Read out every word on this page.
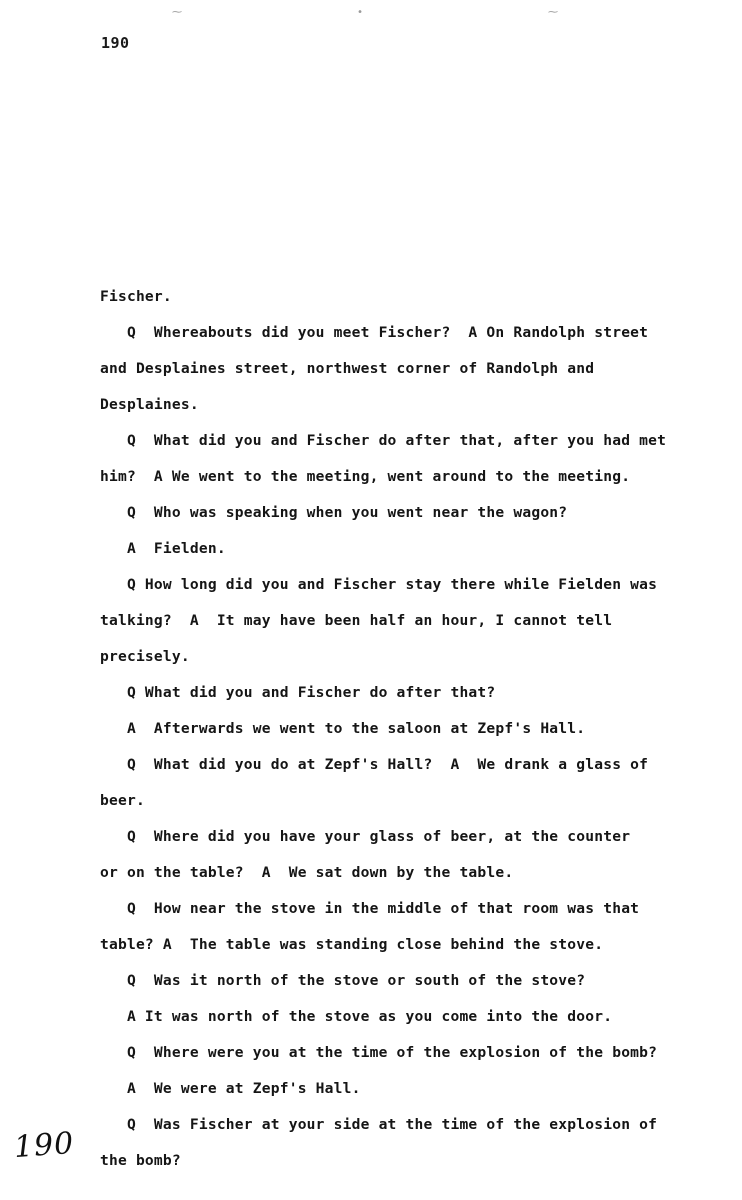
⁓	•	⁓
190
Fischer.
Q  Whereabouts did you meet Fischer?  A On Randolph street
and Desplaines street, northwest corner of Randolph and
Desplaines.
Q  What did you and Fischer do after that, after you had met
him?  A We went to the meeting, went around to the meeting.
Q  Who was speaking when you went near the wagon?
A  Fielden.
Q How long did you and Fischer stay there while Fielden was
talking?  A  It may have been half an hour, I cannot tell
precisely.
Q What did you and Fischer do after that?
A  Afterwards we went to the saloon at Zepf's Hall.
Q  What did you do at Zepf's Hall?  A  We drank a glass of
beer.
Q  Where did you have your glass of beer, at the counter
or on the table?  A  We sat down by the table.
Q  How near the stove in the middle of that room was that
table? A  The table was standing close behind the stove.
Q  Was it north of the stove or south of the stove?
A It was north of the stove as you come into the door.
Q  Where were you at the time of the explosion of the bomb?
A  We were at Zepf's Hall.
Q  Was Fischer at your side at the time of the explosion of
the bomb?
190
